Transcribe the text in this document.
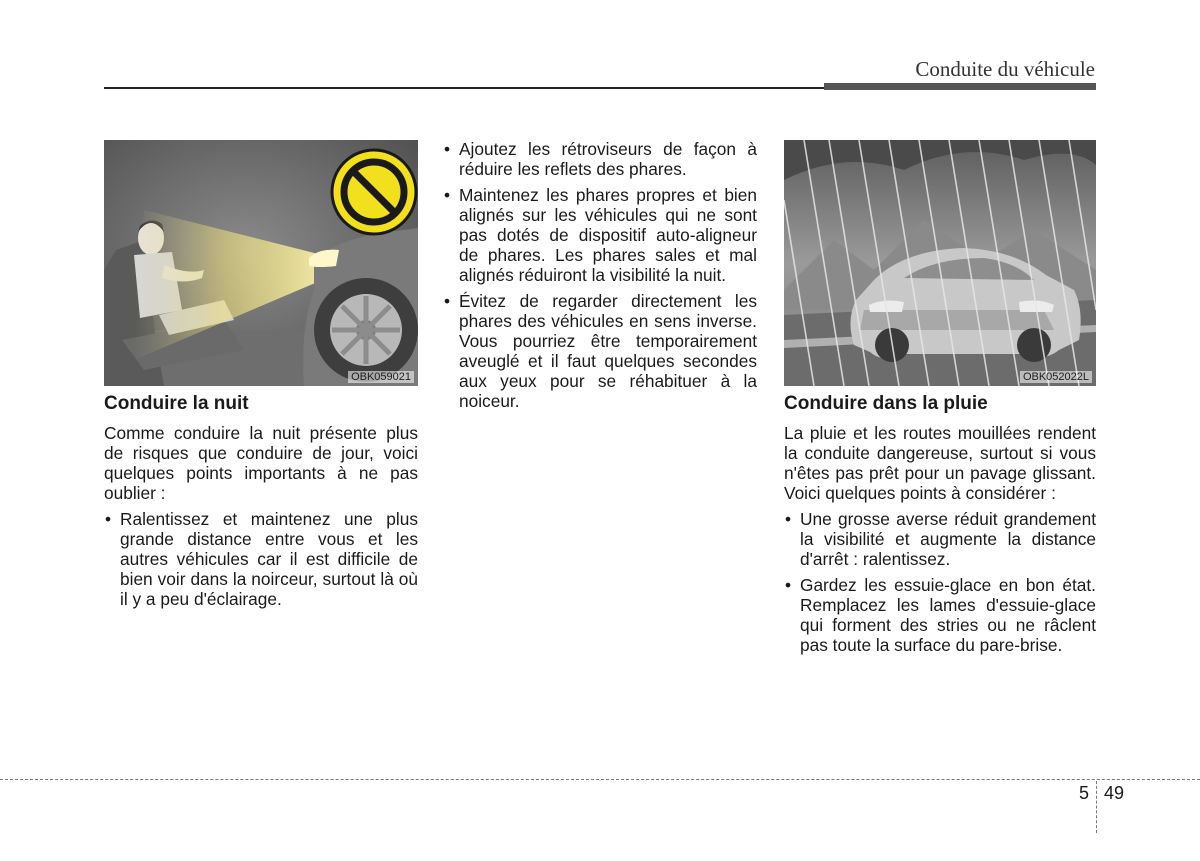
Conduite du véhicule
OBK059021
Conduire la nuit

Comme conduire la nuit présente plus de risques que conduire de jour, voici quelques points importants à ne pas oublier :

• Ralentissez et maintenez une plus grande distance entre vous et les autres véhicules car il est difficile de bien voir dans la noirceur, surtout là où il y a peu d'éclairage.
• Ajoutez les rétroviseurs de façon à réduire les reflets des phares.
• Maintenez les phares propres et bien alignés sur les véhicules qui ne sont pas dotés de dispositif auto-aligneur de phares. Les phares sales et mal alignés réduiront la visibilité la nuit.
• Évitez de regarder directement les phares des véhicules en sens inverse. Vous pourriez être temporairement aveuglé et il faut quelques secondes aux yeux pour se réhabituer à la noiceur.
OBK052022L
Conduire dans la pluie

La pluie et les routes mouillées rendent la conduite dangereuse, surtout si vous n'êtes pas prêt pour un pavage glissant. Voici quelques points à considérer :

• Une grosse averse réduit grandement la visibilité et augmente la distance d'arrêt : ralentissez.
• Gardez les essuie-glace en bon état. Remplacez les lames d'essuie-glace qui forment des stries ou ne râclent pas toute la surface du pare-brise.
5 49
